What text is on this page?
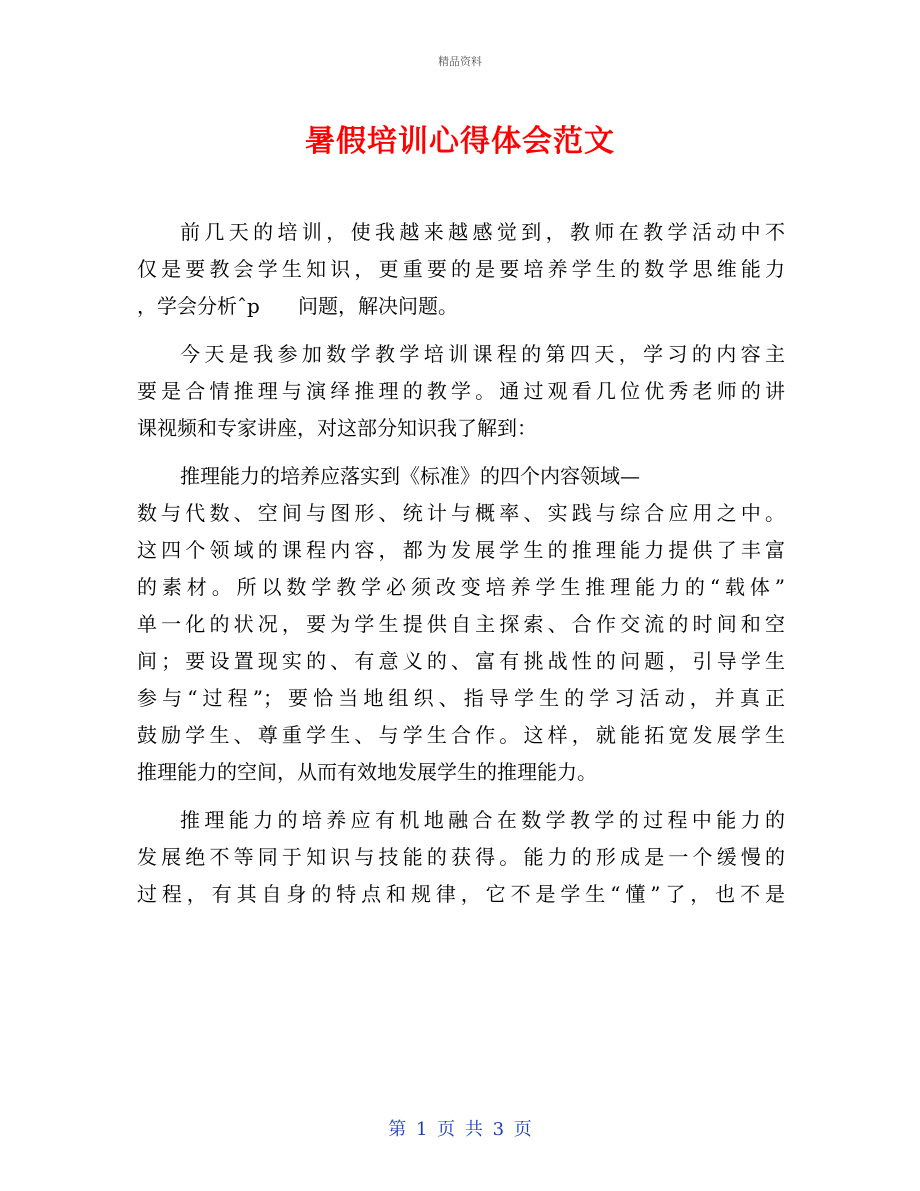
精品资料
暑假培训心得体会范文
前几天的培训，使我越来越感觉到，教师在教学活动中不
仅是要教会学生知识，更重要的是要培养学生的数学思维能力
，学会分析ˆp      问题，解决问题。
今天是我参加数学教学培训课程的第四天，学习的内容主
要是合情推理与演绎推理的教学。通过观看几位优秀老师的讲
课视频和专家讲座，对这部分知识我了解到：
推理能力的培养应落实到《标准》的四个内容领域—
数与代数、空间与图形、统计与概率、实践与综合应用之中。
这四个领域的课程内容，都为发展学生的推理能力提供了丰富
的素材。所以数学教学必须改变培养学生推理能力的“载体”
单一化的状况，要为学生提供自主探索、合作交流的时间和空
间；要设置现实的、有意义的、富有挑战性的问题，引导学生
参与“过程”；要恰当地组织、指导学生的学习活动，并真正
鼓励学生、尊重学生、与学生合作。这样，就能拓宽发展学生
推理能力的空间，从而有效地发展学生的推理能力。
推理能力的培养应有机地融合在数学教学的过程中能力的
发展绝不等同于知识与技能的获得。能力的形成是一个缓慢的
过程，有其自身的特点和规律，它不是学生“懂”了，也不是
第 1 页 共 3 页
